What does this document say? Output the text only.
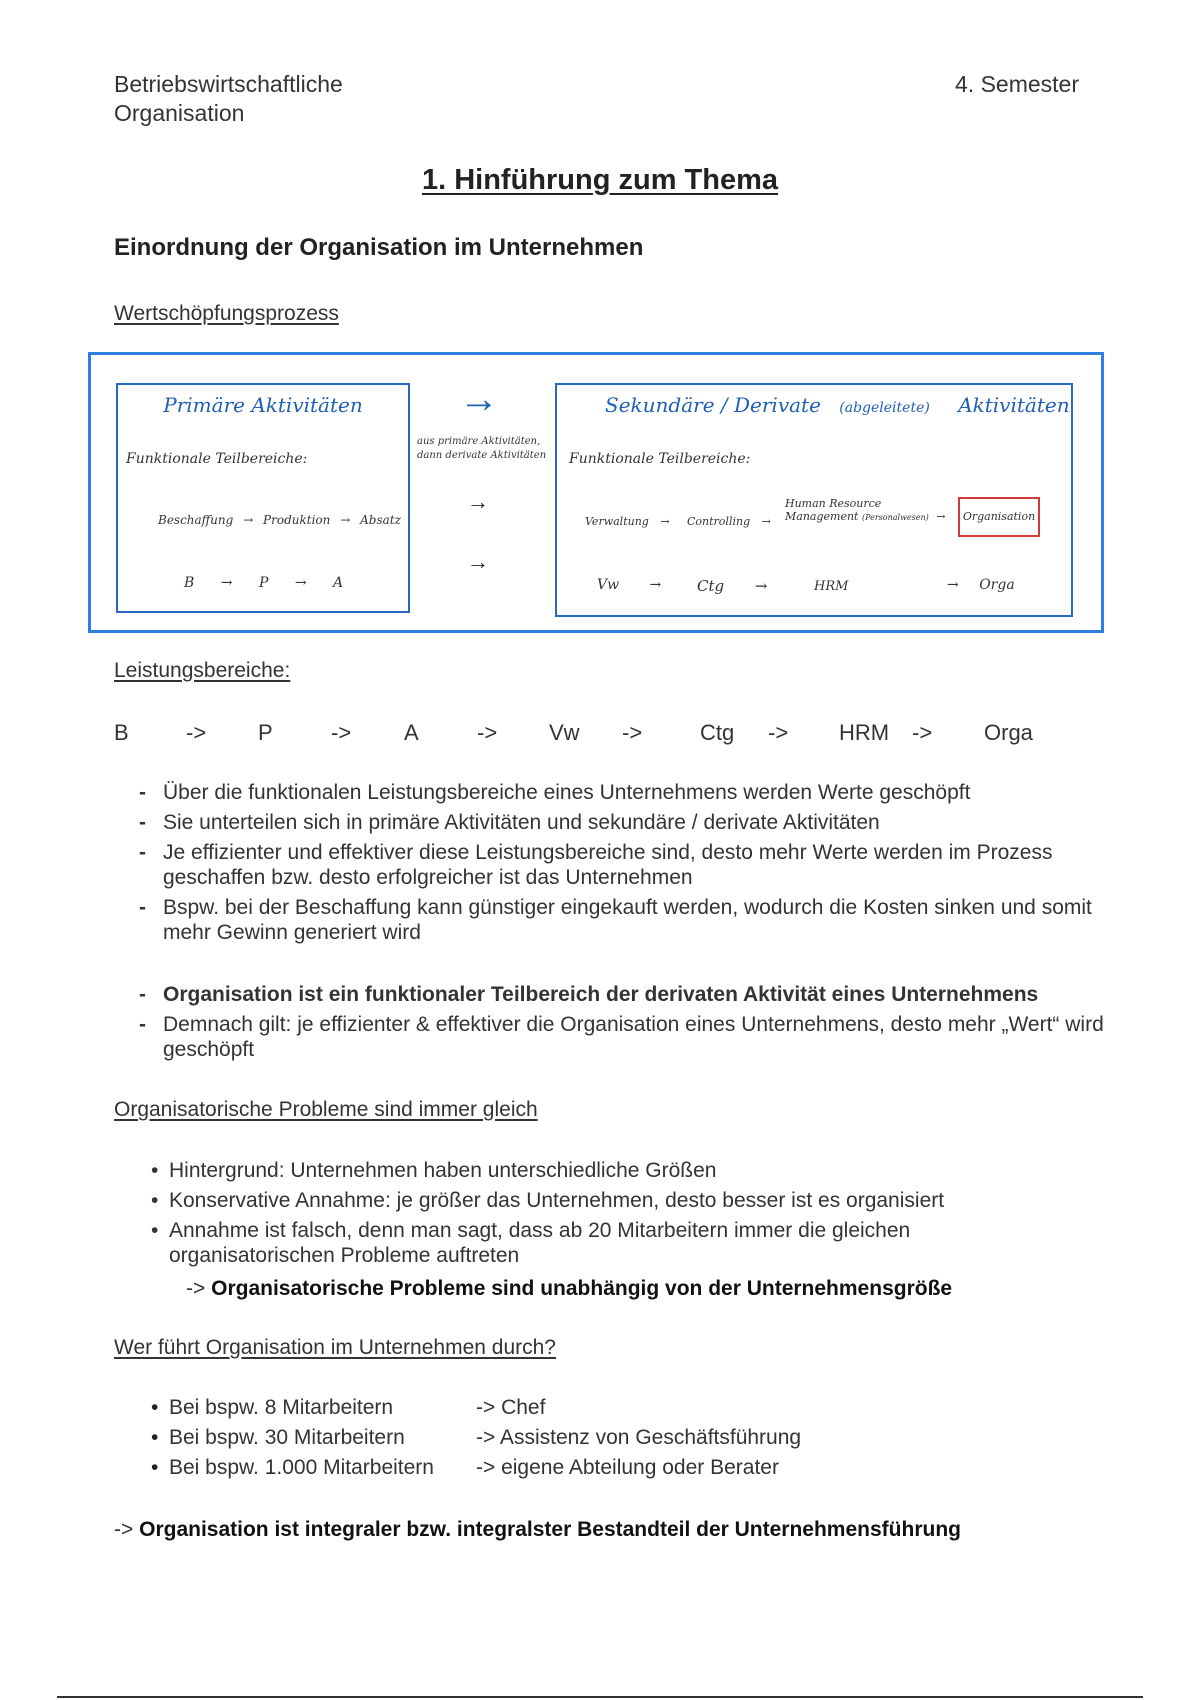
Betriebswirtschaftliche
Organisation
4. Semester
1. Hinführung zum Thema
Einordnung der Organisation im Unternehmen
Wertschöpfungsprozess
Primäre Aktivitäten
Funktionale Teilbereiche:
Beschaffung → Produktion → Absatz
B → P → A
→
aus primäre Aktivitäten,
dann derivate Aktivitäten
→
→
Sekundäre / Derivate (abgeleitete) Aktivitäten
Funktionale Teilbereiche:
Verwaltung →	Controlling →
Human Resource
Management (Personalwesen) →	Organisation
Vw →	Ctg →	HRM	→ Orga
Leistungsbereiche:
B	-> P	-> A	-> Vw ->	Ctg -> HRM -> Orga
- Über die funktionalen Leistungsbereiche eines Unternehmens werden Werte geschöpft
- Sie unterteilen sich in primäre Aktivitäten und sekundäre / derivate Aktivitäten
- Je effizienter und effektiver diese Leistungsbereiche sind, desto mehr Werte werden im Prozess geschaffen bzw. desto erfolgreicher ist das Unternehmen
- Bspw. bei der Beschaffung kann günstiger eingekauft werden, wodurch die Kosten sinken und somit mehr Gewinn generiert wird
- Organisation ist ein funktionaler Teilbereich der derivaten Aktivität eines Unternehmens
- Demnach gilt: je effizienter & effektiver die Organisation eines Unternehmens, desto mehr „Wert“ wird geschöpft
Organisatorische Probleme sind immer gleich
• Hintergrund: Unternehmen haben unterschiedliche Größen
• Konservative Annahme: je größer das Unternehmen, desto besser ist es organisiert
• Annahme ist falsch, denn man sagt, dass ab 20 Mitarbeitern immer die gleichen organisatorischen Probleme auftreten
-> Organisatorische Probleme sind unabhängig von der Unternehmensgröße
Wer führt Organisation im Unternehmen durch?
• Bei bspw. 8 Mitarbeitern	-> Chef
• Bei bspw. 30 Mitarbeitern	-> Assistenz von Geschäftsführung
• Bei bspw. 1.000 Mitarbeitern -> eigene Abteilung oder Berater
-> Organisation ist integraler bzw. integralster Bestandteil der Unternehmensführung
